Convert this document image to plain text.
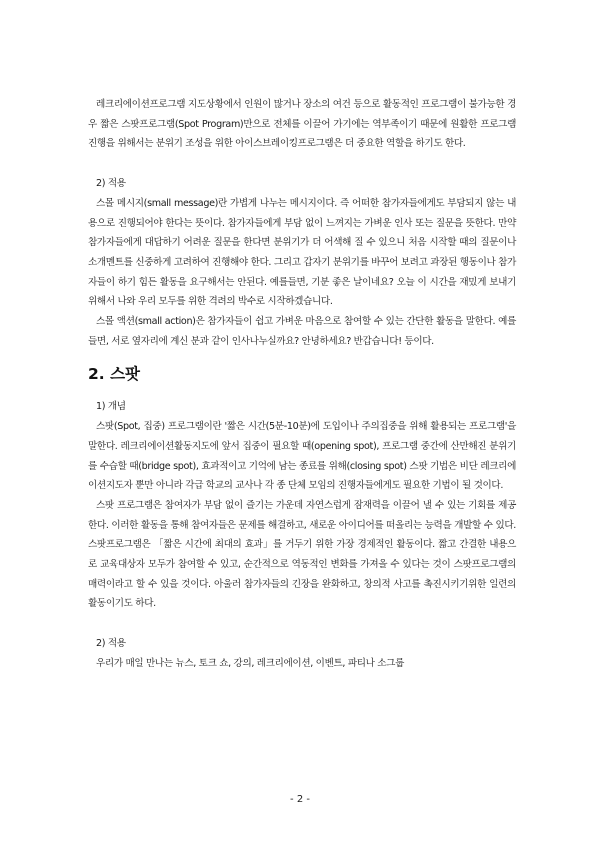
레크리에이션프로그램 지도상황에서 인원이 많거나 장소의 여건 등으로 활동적인 프로그램이 불가능한 경우 짧은 스팟프로그램(Spot Program)만으로 전체를 이끌어 가기에는 역부족이기 때문에 원활한 프로그램진행을 위해서는 분위기 조성을 위한 아이스브레이킹프로그램은 더 중요한 역할을 하기도 한다.

2) 적용

스몰 메시지(small message)란 가볍게 나누는 메시지이다. 즉 어떠한 참가자들에게도 부담되지 않는 내용으로 진행되어야 한다는 뜻이다. 참가자들에게 부담 없이 느껴지는 가벼운 인사 또는 질문을 뜻한다. 만약 참가자들에게 대답하기 어려운 질문을 한다면 분위기가 더 어색해 질 수 있으니 처음 시작할 때의 질문이나 소개멘트를 신중하게 고려하여 진행해야 한다. 그리고 갑자기 분위기를 바꾸어 보려고 과장된 행동이나 참가자들이 하기 힘든 활동을 요구해서는 안된다. 예를들면, 기분 좋은 날이네요? 오늘 이 시간을 재밌게 보내기 위해서 나와 우리 모두를 위한 격려의 박수로 시작하겠습니다.

스몰 액션(small action)은 참가자들이 쉽고 가벼운 마음으로 참여할 수 있는 간단한 활동을 말한다. 예를들면, 서로 옆자리에 계신 분과 같이 인사나누실까요? 안녕하세요? 반갑습니다! 등이다.

2. 스팟

1) 개념

스팟(Spot, 집중) 프로그램이란 '짧은 시간(5분-10분)에 도입이나 주의집중을 위해 활용되는 프로그램'을 말한다. 레크리에이션활동지도에 앞서 집중이 필요할 때(opening spot), 프로그램 중간에 산만해진 분위기를 수습할 때(bridge spot), 효과적이고 기억에 남는 종료를 위해(closing spot) 스팟 기법은 비단 레크리에이션지도자 뿐만 아니라 각급 학교의 교사나 각 종 단체 모임의 진행자들에게도 필요한 기법이 될 것이다.

스팟 프로그램은 참여자가 부담 없이 즐기는 가운데 자연스럽게 잠재력을 이끌어 낼 수 있는 기회를 제공한다. 이러한 활동을 통해 참여자들은 문제를 해결하고, 새로운 아이디어를 떠올리는 능력을 개발할 수 있다. 스팟프로그램은 「짧은 시간에 최대의 효과」를 거두기 위한 가장 경제적인 활동이다. 짧고 간결한 내용으로 교육대상자 모두가 참여할 수 있고, 순간적으로 역동적인 변화를 가져올 수 있다는 것이 스팟프로그램의 매력이라고 할 수 있을 것이다. 아울러 참가자들의 긴장을 완화하고, 창의적 사고를 촉진시키기위한 일련의 활동이기도 하다.

2) 적용

우리가 매일 만나는 뉴스, 토크 쇼, 강의, 레크리에이션, 이벤트, 파티나 소그룹

- 2 -
